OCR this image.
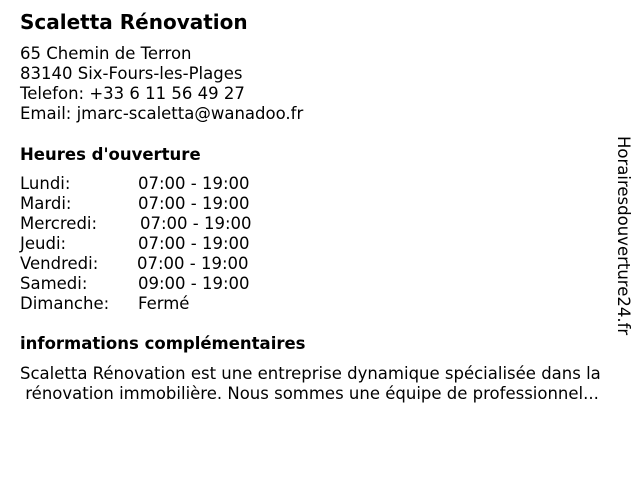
Scaletta Rénovation
65 Chemin de Terron
83140 Six-Fours-les-Plages
Telefon: +33 6 11 56 49 27
Email: jmarc-scaletta@wanadoo.fr
Heures d'ouverture
Lundi:	07:00 - 19:00
Mardi:	07:00 - 19:00
Mercredi:	07:00 - 19:00
Jeudi:	07:00 - 19:00
Vendredi:	07:00 - 19:00
Samedi:	09:00 - 19:00
Dimanche:	Fermé
informations complémentaires
Scaletta Rénovation est une entreprise dynamique spécialisée dans la
rénovation immobilière. Nous sommes une équipe de professionnel...
Horairesdouverture24.fr
